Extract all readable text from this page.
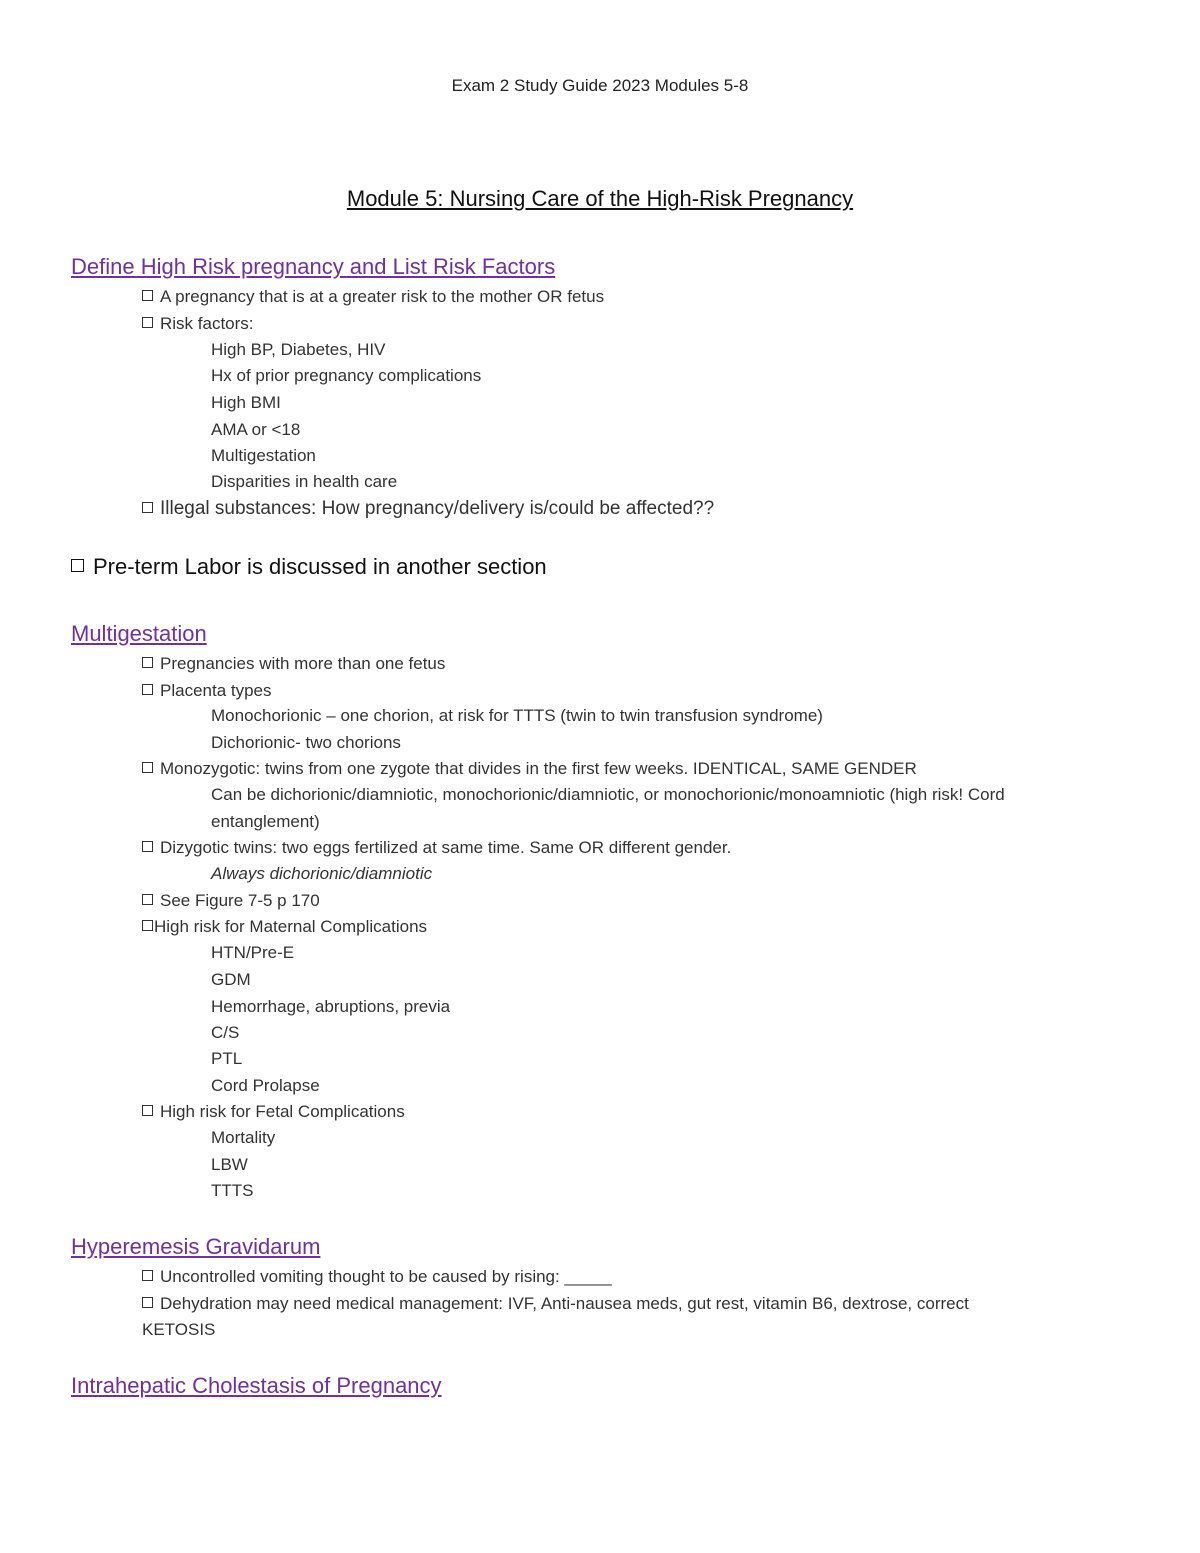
Exam 2 Study Guide 2023 Modules 5-8
Module 5: Nursing Care of the High-Risk Pregnancy
Define High Risk pregnancy and List Risk Factors
A pregnancy that is at a greater risk to the mother OR fetus
Risk factors:
High BP, Diabetes, HIV
Hx of prior pregnancy complications
High BMI
AMA or <18
Multigestation
Disparities in health care
Illegal substances: How pregnancy/delivery is/could be affected??
Pre-term Labor is discussed in another section
Multigestation
Pregnancies with more than one fetus
Placenta types
Monochorionic – one chorion, at risk for TTTS (twin to twin transfusion syndrome)
Dichorionic- two chorions
Monozygotic: twins from one zygote that divides in the first few weeks. IDENTICAL, SAME GENDER
Can be dichorionic/diamniotic, monochorionic/diamniotic, or monochorionic/monoamniotic (high risk! Cord
entanglement)
Dizygotic twins: two eggs fertilized at same time. Same OR different gender.
Always dichorionic/diamniotic
See Figure 7-5 p 170
High risk for Maternal Complications
HTN/Pre-E
GDM
Hemorrhage, abruptions, previa
C/S
PTL
Cord Prolapse
High risk for Fetal Complications
Mortality
LBW
TTTS
Hyperemesis Gravidarum
Uncontrolled vomiting thought to be caused by rising: _____
Dehydration may need medical management: IVF, Anti-nausea meds, gut rest, vitamin B6, dextrose, correct
KETOSIS
Intrahepatic Cholestasis of Pregnancy
